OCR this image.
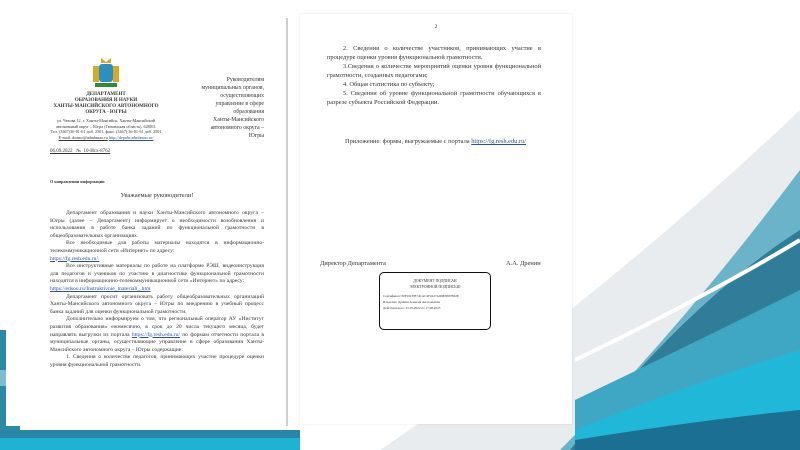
ДЕПАРТАМЕНТ
ОБРАЗОВАНИЯ И НАУКИ
ХАНТЫ-МАНСИЙСКОГО АВТОНОМНОГО
ОКРУГА - ЮГРЫ
ул. Чехова 12, г. Ханты-Мансийск, Ханты-Мансийский
автономный округ – Югра (Тюменская область), 628011
Тел. (3467)36-01-61 доб. 2501, факс: (3467) 36-01-61 доб. 2501
E-mail: dozmr@admhmao.ru http://depobr.admhmao.ru/
06.09.2022 № 10-Исх-8762
Руководителям
муниципальных органов,
осуществляющих
управление в сфере
образования
Ханты-Мансийского
автономного округа –
Югры
О направлении информации
Уважаемые руководители!
Департамент образования и науки Ханты-Мансийского автономного округа – Югры (далее – Департамент) информирует о необходимости возобновления и использования в работе банка заданий по функциональной грамотности в общеобразовательных организациях.
Все необходимые для работы материалы находятся в информационно-телекоммуникационной сети «Интернет» по адресу:
https://fg.resh.edu.ru/.
Все инструктивные материалы по работе на платформе РЭШ, видеоинструкция для педагогов и учеников по участию в диагностике функциональной грамотности находятся в информационно-телекоммуникационной сети «Интернет» по адресу:
https://edsoo.ru/Instruktivnie_materiali_.htm
Департамент просит организовать работу общеобразовательных организаций Ханты-Мансийского автономного округа – Югры по внедрению в учебный процесс банка заданий для оценки функциональной грамотности.
Дополнительно информируем о том, что региональный оператор АУ «Институт развития образования» ежемесячно, в срок до 20 числа текущего месяца, будет направлять выгрузки из портала https://fg.resh.edu.ru/ по формам отчетности портала в муниципальные органы, осуществляющие управление в сфере образования Ханты-Мансийского автономного округа – Югры содержащие:
1. Сведения о количестве педагогов, принимающих участие процедуре оценки уровня функциональной грамотности.
2
2. Сведения о количестве участников, принимающих участие в процедуре оценки уровня функциональной грамотности.
3.Сведения о количестве мероприятий оценки уровня функциональной грамотности, созданных педагогами;
4. Общая статистика по субъекту;
5. Сведения об уровне функциональной грамотности обучающихся в разрезе субъекта Российской Федерации.
Приложение: формы, выгружаемые с портала https://fg.resh.edu.ru/
Директор Департамента	А.А. Дренин
ДОКУМЕНТ ПОДПИСАН
ЭЛЕКТРОННОЙ ПОДПИСЬЮ
Сертификат: 00F19CEB74CAC4F4227A0DE9587E62E
Владелец: Дренин Алексей Анатольевич
Действителен с 25.05.2022 по 17.08.2023
